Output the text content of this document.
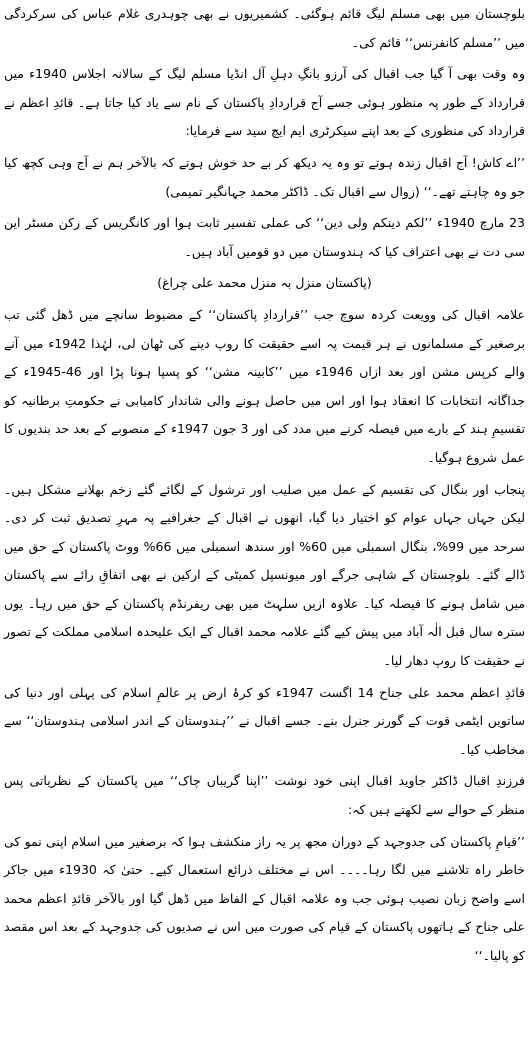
بلوچستان میں بھی مسلم لیگ قائم ہوگئی۔ کشمیریوں نے بھی چوہدری غلام عباس کی سرکردگی میں ’’مسلم کانفرنس‘‘ قائم کی۔

وہ وقت بھی آ گیا جب اقبال کی آرزو بانگِ دہلِ آل انڈیا مسلم لیگ کے سالانہ اجلاس 1940ء میں قرارداد کے طور پہ منظور ہوئی جسے آج قراردادِ پاکستان کے نام سے یاد کیا جاتا ہے۔ قائدِ اعظم نے قرارداد کی منظوری کے بعد اپنے سیکرٹری ایم ایچ سید سے فرمایا:

’’اے کاش! آج اقبال زندہ ہوتے تو وہ یہ دیکھ کر بے حد خوش ہوتے کہ بالآخر ہم نے آج وہی کچھ کیا جو وہ چاہتے تھے۔‘‘ (زوال سے اقبال تک۔ ڈاکٹر محمد جہانگیر تمیمی)

23 مارچ 1940ء ’’لکم دینکم ولی دین‘‘ کی عملی تفسیر ثابت ہوا اور کانگریس کے رکن مسٹر این سی دت نے بھی اعتراف کیا کہ ہندوستان میں دو قومیں آباد ہیں۔

(پاکستان منزل بہ منزل محمد علی چراغ)

علامہ اقبال کی وویعت کردہ سوچ جب ’’قراردادِ پاکستان‘‘ کے مضبوط سانچے میں ڈھل گئی تب برصغیر کے مسلمانوں نے ہر قیمت پہ اسے حقیقت کا روپ دینے کی ٹھان لی، لہٰذا 1942ء میں آنے والے کرپس مشن اور بعد ازاں 1946ء میں ’’کابینہ مشن‘‘ کو پسپا ہونا پڑا اور 46-1945ء کے جداگانہ انتخابات کا انعقاد ہوا اور اس میں حاصل ہونے والی شاندار کامیابی نے حکومتِ برطانیہ کو تقسیمِ ہند کے بارے میں فیصلہ کرنے میں مدد کی اور 3 جون 1947ء کے منصوبے کے بعد حد بندیوں کا عمل شروع ہوگیا۔

پنجاب اور بنگال کی تقسیم کے عمل میں صلیب اور ترشول کے لگائے گئے زخم بھلانے مشکل ہیں۔ لیکن جہاں جہاں عوام کو اختیار دیا گیا، انھوں نے اقبال کے جغرافیے پہ مہرِ تصدیق ثبت کر دی۔ سرحد میں 99%، بنگال اسمبلی میں 60% اور سندھ اسمبلی میں 66% ووٹ پاکستان کے حق میں ڈالے گئے۔ بلوچستان کے شاہی جرگے اور میونسپل کمیٹی کے ارکین نے بھی اتفاقِ رائے سے پاکستان میں شامل ہونے کا فیصلہ کیا۔ علاوہ ازیں سلہٹ میں بھی ریفرنڈم پاکستان کے حق میں رہا۔ یوں سترہ سال قبل الٰہ آباد میں پیش کیے گئے علامہ محمد اقبال کے ایک علیحدہ اسلامی مملکت کے تصور نے حقیقت کا روپ دھار لیا۔

قائدِ اعظم محمد علی جناح 14 اگست 1947ء کو کرۂ ارض پر عالمِ اسلام کی پہلی اور دنیا کی ساتویں ایٹمی قوت کے گورنر جنرل بنے۔ جسے اقبال نے ’’ہندوستان کے اندر اسلامی ہندوستان‘‘ سے مخاطب کیا۔

فرزندِ اقبال ڈاکٹر جاوید اقبال اپنی خود نوشت ’’اپنا گریباں چاک‘‘ میں پاکستان کے نظریاتی پس منظر کے حوالے سے لکھتے ہیں کہ:

’’قیامِ پاکستان کی جدوجہد کے دوران مجھ پر یہ راز منکشف ہوا کہ برصغیر میں اسلام اپنی نمو کی خاطر راہ تلاشنے میں لگا رہا۔۔۔۔ اس نے مختلف ذرائع استعمال کیے۔ حتیٰ کہ 1930ء میں جاکر اسے واضح زبان نصیب ہوئی جب وہ علامہ اقبال کے الفاظ میں ڈھل گیا اور بالآخر قائدِ اعظم محمد علی جناح کے ہاتھوں پاکستان کے قیام کی صورت میں اس نے صدیوں کی جدوجہد کے بعد اس مقصد کو پالیا۔‘‘
